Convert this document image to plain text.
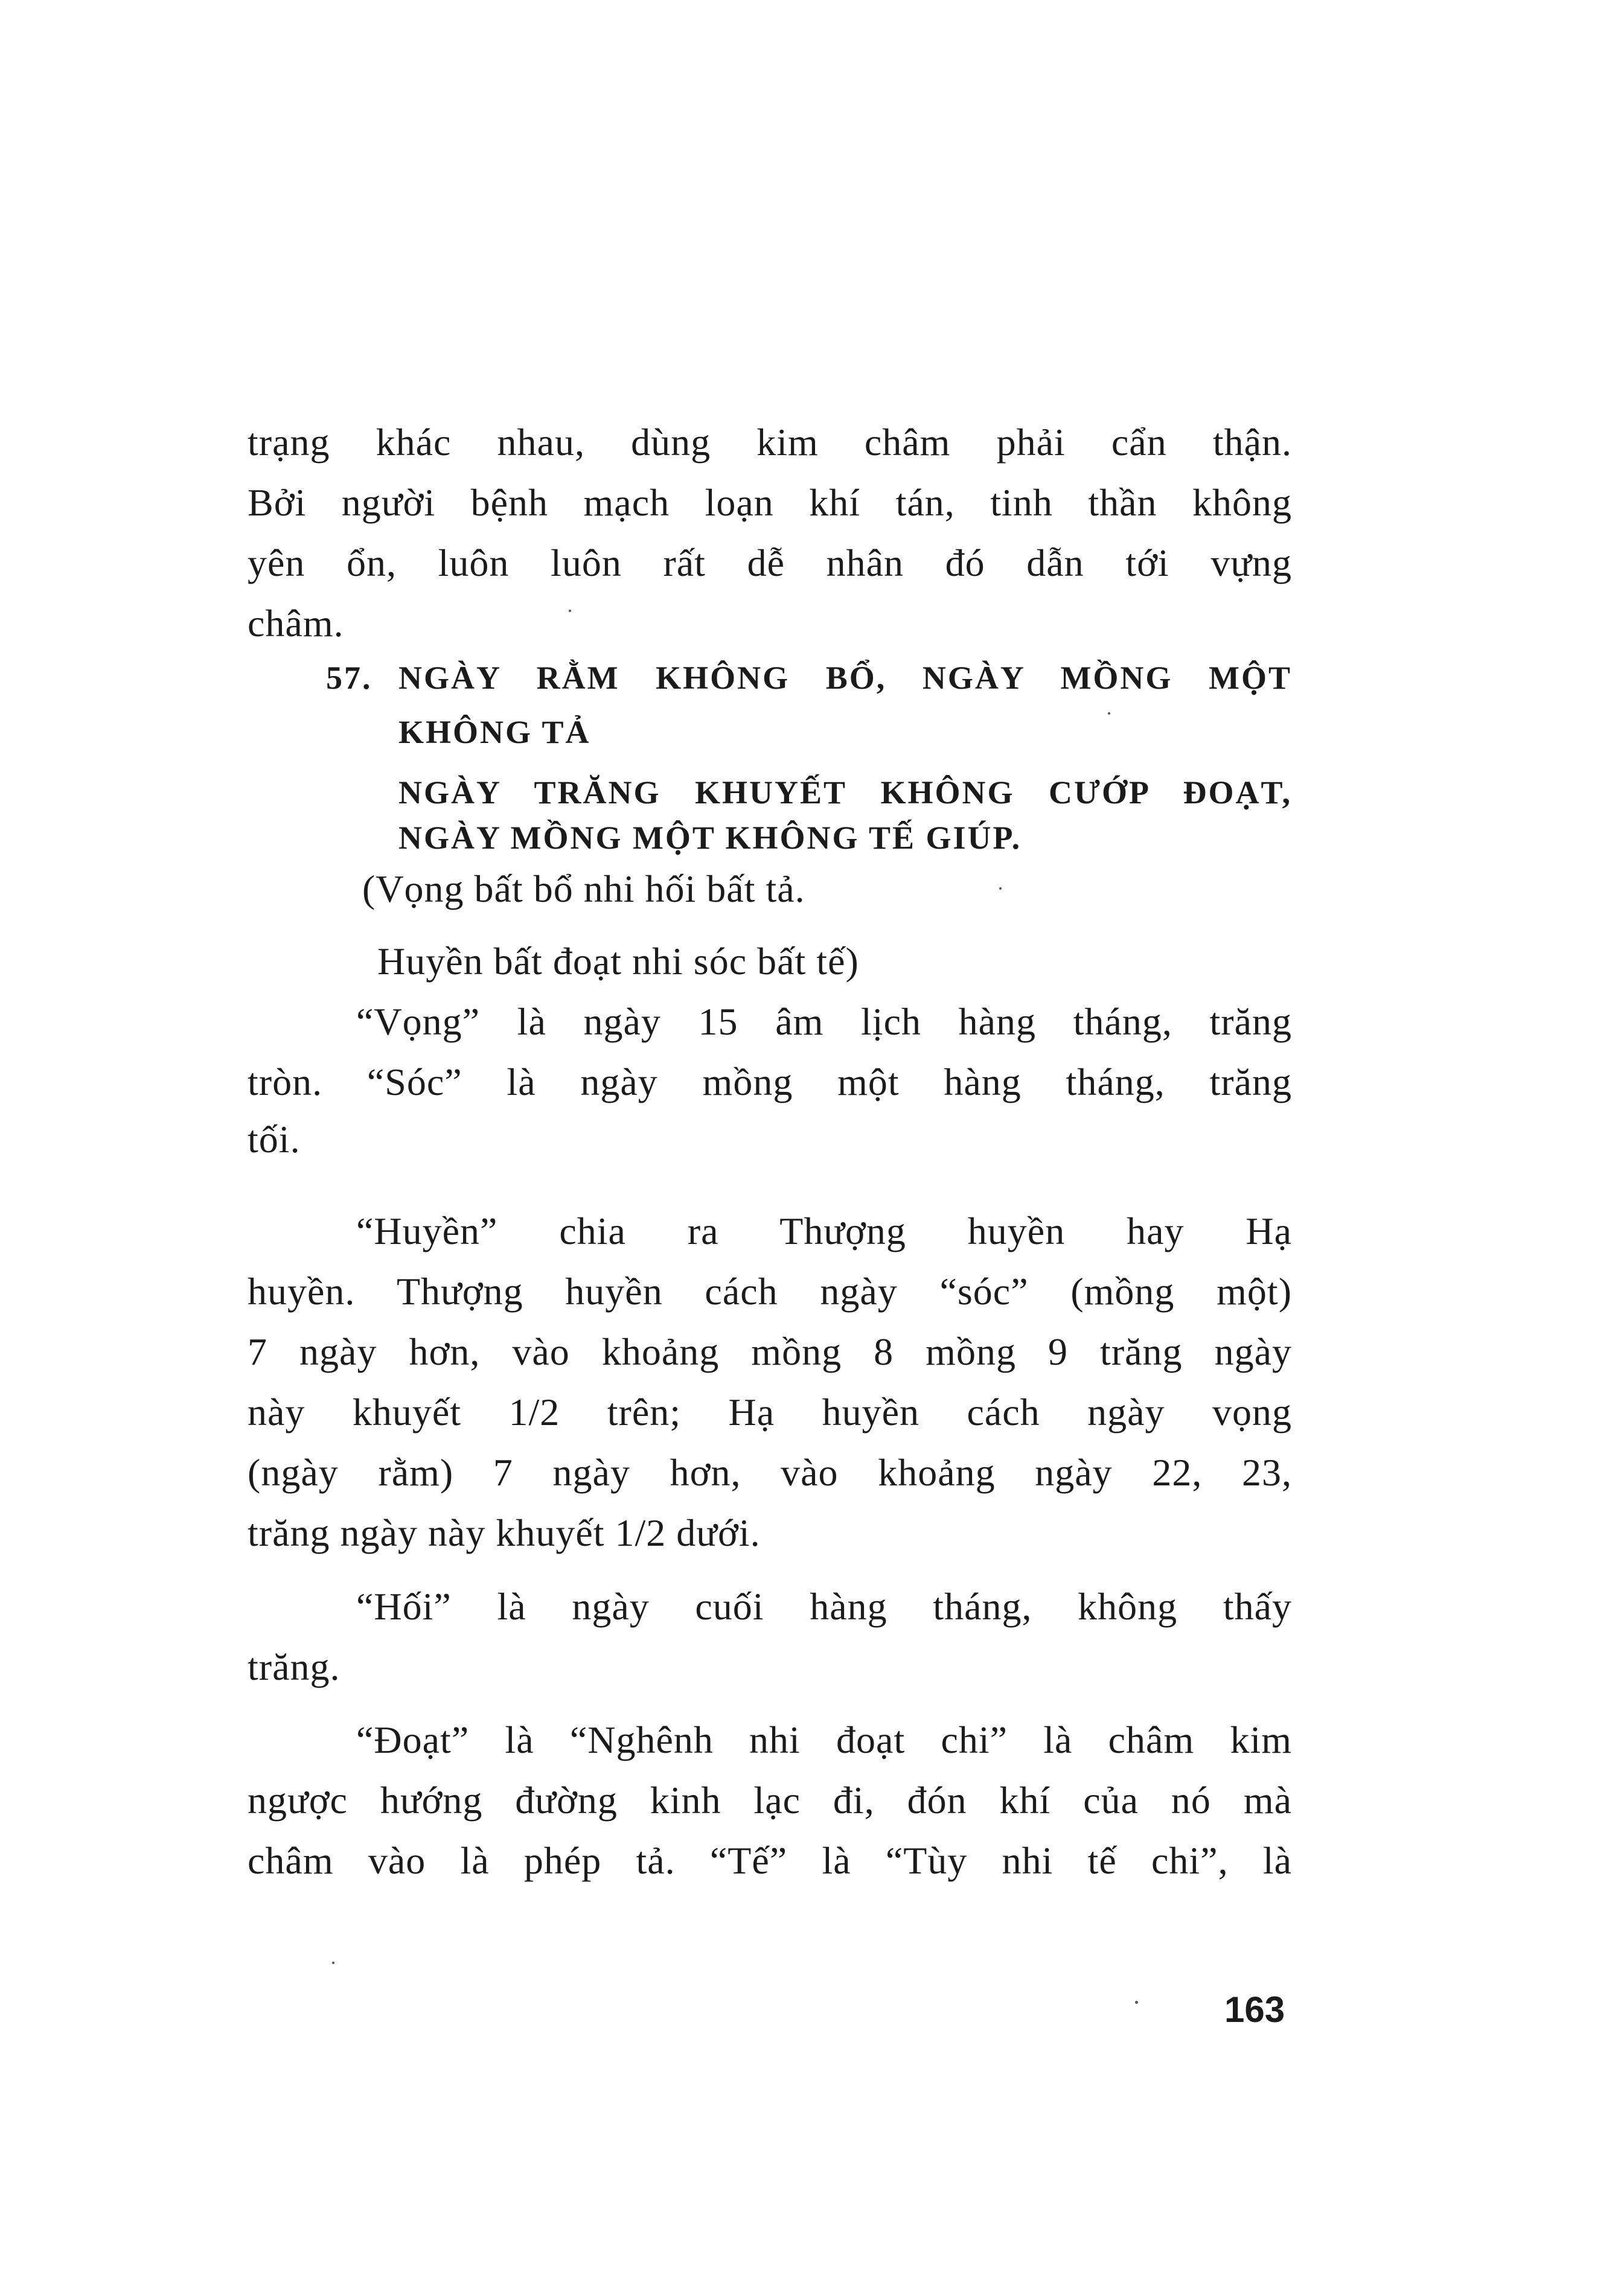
trạng khác nhau, dùng kim châm phải cẩn thận.
Bởi người bệnh mạch loạn khí tán, tinh thần không
yên ổn, luôn luôn rất dễ nhân đó dẫn tới vựng
châm.
57. NGÀY RẰM KHÔNG BỔ, NGÀY MỒNG MỘT
KHÔNG TẢ
NGÀY TRĂNG KHUYẾT KHÔNG CƯỚP ĐOẠT,
NGÀY MỒNG MỘT KHÔNG TẾ GIÚP.
(Vọng bất bổ nhi hối bất tả.
Huyền bất đoạt nhi sóc bất tế)
“Vọng” là ngày 15 âm lịch hàng tháng, trăng
tròn. “Sóc” là ngày mồng một hàng tháng, trăng
tối.
“Huyền” chia ra Thượng huyền hay Hạ
huyền. Thượng huyền cách ngày “sóc” (mồng một)
7 ngày hơn, vào khoảng mồng 8 mồng 9 trăng ngày
này khuyết 1/2 trên; Hạ huyền cách ngày vọng
(ngày rằm) 7 ngày hơn, vào khoảng ngày 22, 23,
trăng ngày này khuyết 1/2 dưới.
“Hối” là ngày cuối hàng tháng, không thấy
trăng.
“Đoạt” là “Nghênh nhi đoạt chi” là châm kim
ngược hướng đường kinh lạc đi, đón khí của nó mà
châm vào là phép tả. “Tế” là “Tùy nhi tế chi”, là
163
